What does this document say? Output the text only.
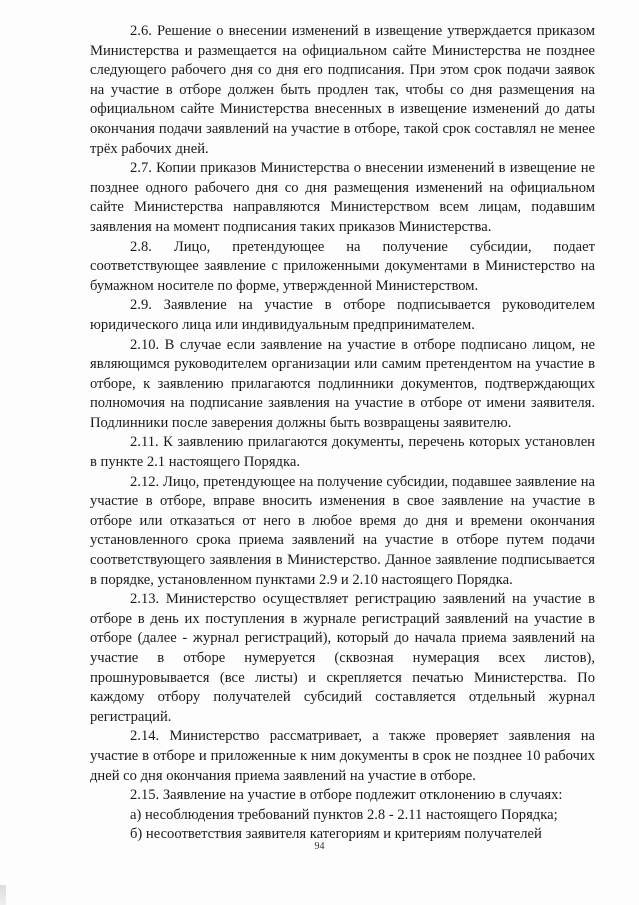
2.6. Решение о внесении изменений в извещение утверждается приказом Министерства и размещается на официальном сайте Министерства не позднее следующего рабочего дня со дня его подписания. При этом срок подачи заявок на участие в отборе должен быть продлен так, чтобы со дня размещения на официальном сайте Министерства внесенных в извещение изменений до даты окончания подачи заявлений на участие в отборе, такой срок составлял не менее трёх рабочих дней.

2.7. Копии приказов Министерства о внесении изменений в извещение не позднее одного рабочего дня со дня размещения изменений на официальном сайте Министерства направляются Министерством всем лицам, подавшим заявления на момент подписания таких приказов Министерства.

2.8. Лицо, претендующее на получение субсидии, подает соответствующее заявление с приложенными документами в Министерство на бумажном носителе по форме, утвержденной Министерством.

2.9. Заявление на участие в отборе подписывается руководителем юридического лица или индивидуальным предпринимателем.

2.10. В случае если заявление на участие в отборе подписано лицом, не являющимся руководителем организации или самим претендентом на участие в отборе, к заявлению прилагаются подлинники документов, подтверждающих полномочия на подписание заявления на участие в отборе от имени заявителя. Подлинники после заверения должны быть возвращены заявителю.

2.11. К заявлению прилагаются документы, перечень которых установлен в пункте 2.1 настоящего Порядка.

2.12. Лицо, претендующее на получение субсидии, подавшее заявление на участие в отборе, вправе вносить изменения в свое заявление на участие в отборе или отказаться от него в любое время до дня и времени окончания установленного срока приема заявлений на участие в отборе путем подачи соответствующего заявления в Министерство. Данное заявление подписывается в порядке, установленном пунктами 2.9 и 2.10 настоящего Порядка.

2.13. Министерство осуществляет регистрацию заявлений на участие в отборе в день их поступления в журнале регистраций заявлений на участие в отборе (далее - журнал регистраций), который до начала приема заявлений на участие в отборе нумеруется (сквозная нумерация всех листов), прошнуровывается (все листы) и скрепляется печатью Министерства. По каждому отбору получателей субсидий составляется отдельный журнал регистраций.

2.14. Министерство рассматривает, а также проверяет заявления на участие в отборе и приложенные к ним документы в срок не позднее 10 рабочих дней со дня окончания приема заявлений на участие в отборе.

2.15. Заявление на участие в отборе подлежит отклонению в случаях:

а) несоблюдения требований пунктов 2.8 - 2.11 настоящего Порядка;

б) несоответствия заявителя категориям и критериям получателей

94
